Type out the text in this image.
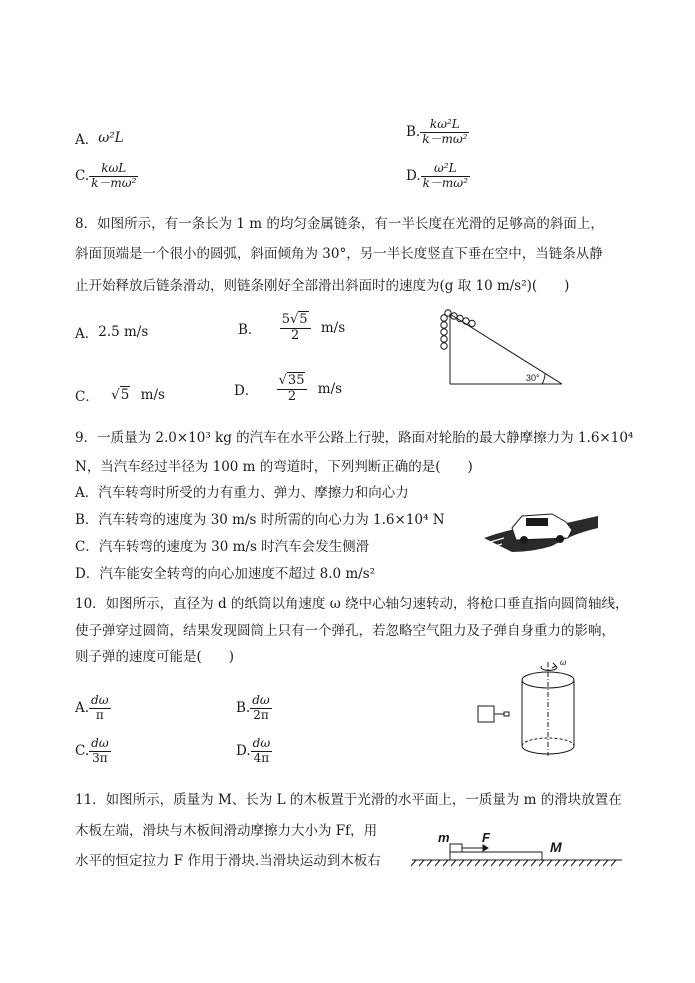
A．ω²L	B. $\frac{\text{kω²L}}{\text{k－mω²}}$
C. $\frac{\text{kωL}}{\text{k－mω²}}$	D. $\frac{\text{ω²L}}{\text{k－mω²}}$
8．如图所示，有一条长为 1 m 的均匀金属链条，有一半长度在光滑的足够高的斜面上，
斜面顶端是一个很小的圆弧，斜面倾角为 30°，另一半长度竖直下垂在空中，当链条从静
止开始释放后链条滑动，则链条刚好全部滑出斜面时的速度为(g 取 10 m/s²)(　　)
A．2.5 m/s	B． $\frac{5√5}{2} m/s$
C． √5 m/s	D． $\frac{√35}{2} m/s$
30°
9．一质量为 2.0×10³ kg 的汽车在水平公路上行驶，路面对轮胎的最大静摩擦力为 1.6×10⁴
N，当汽车经过半径为 100 m 的弯道时，下列判断正确的是(　　)
A．汽车转弯时所受的力有重力、弹力、摩擦力和向心力
B．汽车转弯的速度为 30 m/s 时所需的向心力为 1.6×10⁴ N
C．汽车转弯的速度为 30 m/s 时汽车会发生侧滑
D．汽车能安全转弯的向心加速度不超过 8.0 m/s²
10．如图所示，直径为 d 的纸筒以角速度 ω 绕中心轴匀速转动，将枪口垂直指向圆筒轴线，
使子弹穿过圆筒，结果发现圆筒上只有一个弹孔，若忽略空气阻力及子弹自身重力的影响，
则子弹的速度可能是(　　)
A. $\frac{d\omega}{\pi}$	B. $\frac{d\omega}{2\pi}$
C. $\frac{d\omega}{3\pi}$	D. $\frac{d\omega}{4\pi}$
ω
11．如图所示，质量为 M、长为 L 的木板置于光滑的水平面上，一质量为 m 的滑块放置在
木板左端，滑块与木板间滑动摩擦力大小为 Ff，用
水平的恒定拉力 F 作用于滑块.当滑块运动到木板右
m F
M
